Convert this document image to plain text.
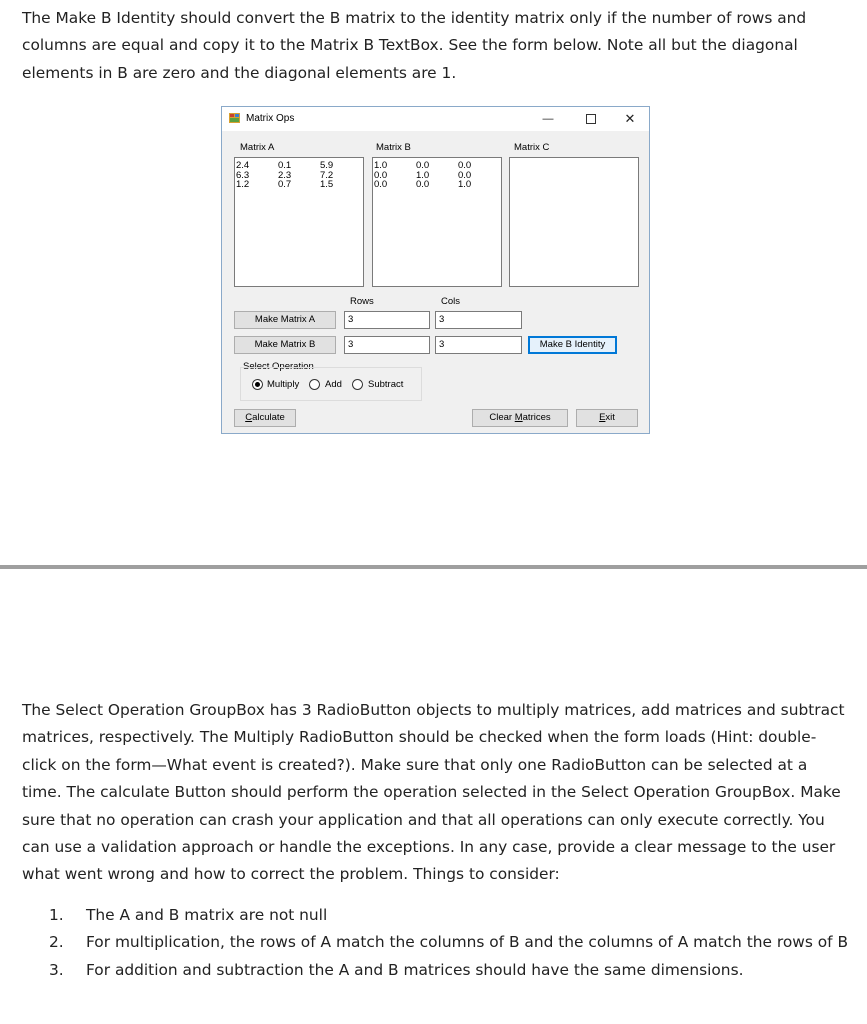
The Make B Identity should convert the B matrix to the identity matrix only if the number of rows and columns are equal and copy it to the Matrix B TextBox. See the form below. Note all but the diagonal elements in B are zero and the diagonal elements are 1.

Matrix Ops	—	✕
Matrix A	Matrix B	Matrix C
2.4	0.1	5.9
6.3	2.3	7.2
1.2	0.7	1.5
1.0	0.0	0.0
0.0	1.0	0.0
0.0	0.0	1.0
Rows	Cols
Make Matrix A	3	3
Make Matrix B	3	3	Make B Identity
Select Operation
Multiply	Add	Subtract
Calculate	Clear Matrices	Exit

The Select Operation GroupBox has 3 RadioButton objects to multiply matrices, add matrices and subtract matrices, respectively. The Multiply RadioButton should be checked when the form loads (Hint: double-click on the form—What event is created?). Make sure that only one RadioButton can be selected at a time. The calculate Button should perform the operation selected in the Select Operation GroupBox. Make sure that no operation can crash your application and that all operations can only execute correctly. You can use a validation approach or handle the exceptions. In any case, provide a clear message to the user what went wrong and how to correct the problem. Things to consider:

1. The A and B matrix are not null
2. For multiplication, the rows of A match the columns of B and the columns of A match the rows of B
3. For addition and subtraction the A and B matrices should have the same dimensions.
